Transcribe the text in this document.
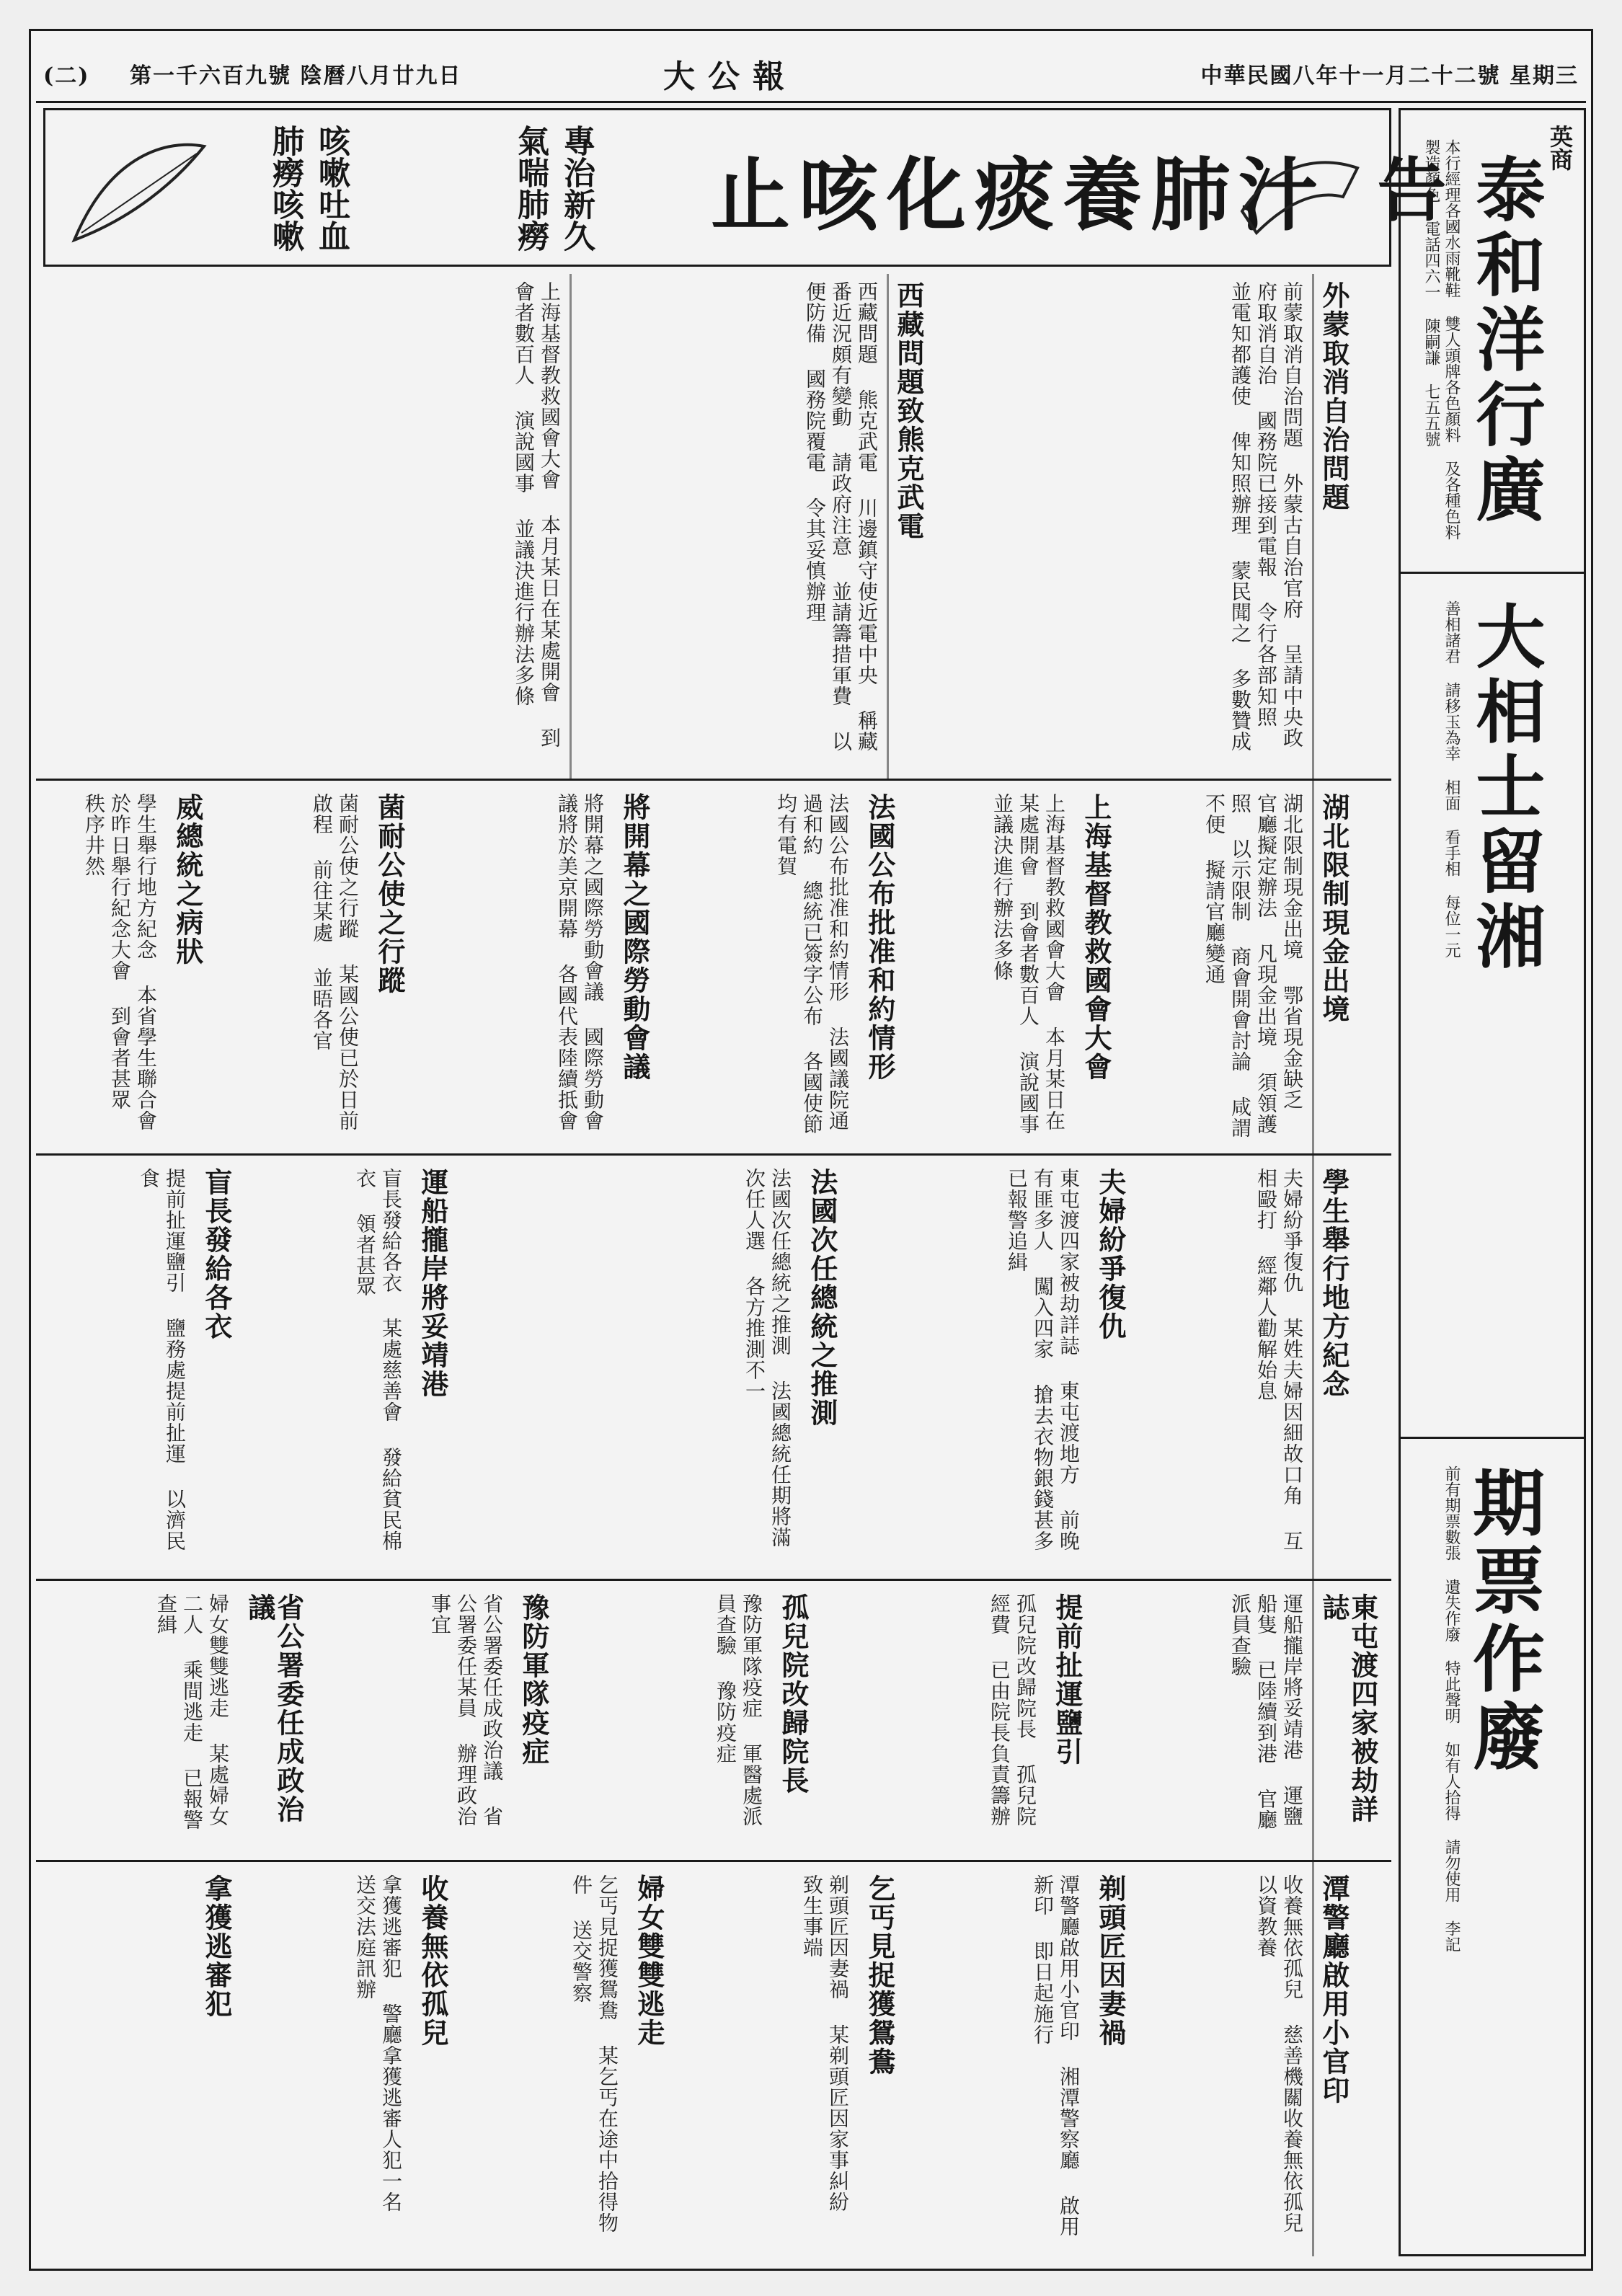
中華民國八年十一月二十二號 星期三
大公報
第一千六百九號 陰曆八月廿九日
(二)
英商
泰和洋行廣告
本行經理各國水雨靴鞋 雙人頭牌各色顏料 及各種色料 製造顏色 電話四六一 陳嗣謙 七五五號
大相士留湘
善相諸君 請移玉為幸 相面 看手相 每位一元
期票作廢
前有期票數張 遺失作廢 特此聲明 如有人拾得 請勿使用 李記
止咳化痰養肺汁
專治新久氣喘肺癆
咳嗽吐血 肺癆咳嗽
外蒙取消自治問題
前蒙取消自治問題 外蒙古自治官府 呈請中央政府取消自治 國務院已接到電報 令行各部知照 並電知都護使 俾知照辦理 蒙民聞之 多數贊成
西藏問題致熊克武電
西藏問題 熊克武電 川邊鎮守使近電中央 稱藏番近況頗有變動 請政府注意 並請籌措軍費 以便防備 國務院覆電 令其妥慎辦理
上海基督教救國會大會 本月某日在某處開會 到會者數百人 演說國事 並議決進行辦法多條
湖北限制現金出境
湖北限制現金出境 鄂省現金缺乏 官廳擬定辦法 凡現金出境 須領護照 以示限制 商會開會討論 咸謂不便 擬請官廳變通
上海基督教救國會大會
上海基督教救國會大會 本月某日在某處開會 到會者數百人 演說國事 並議決進行辦法多條
法國公布批准和約情形
法國公布批准和約情形 法國議院通過和約 總統已簽字公布 各國使節均有電賀
將開幕之國際勞動會議
將開幕之國際勞動會議 國際勞動會議將於美京開幕 各國代表陸續抵會
菌耐公使之行蹤
菌耐公使之行蹤 某國公使已於日前啟程 前往某處 並晤各官
威總統之病狀
學生舉行地方紀念 本省學生聯合會 於昨日舉行紀念大會 到會者甚眾 秩序井然
學生舉行地方紀念
夫婦紛爭復仇 某姓夫婦因細故口角 互相毆打 經鄰人勸解始息
夫婦紛爭復仇
東屯渡四家被劫詳誌 東屯渡地方 前晚有匪多人 闖入四家 搶去衣物銀錢甚多 已報警追緝
法國次任總統之推測
法國次任總統之推測 法國總統任期將滿 次任人選 各方推測不一
運船攏岸將妥靖港
盲長發給各衣 某處慈善會 發給貧民棉衣 領者甚眾
盲長發給各衣
提前扯運鹽引 鹽務處提前扯運 以濟民食
東屯渡四家被劫詳誌
運船攏岸將妥靖港 運鹽船隻 已陸續到港 官廳派員查驗
提前扯運鹽引
孤兒院改歸院長 孤兒院經費 已由院長負責籌辦
孤兒院改歸院長
豫防軍隊疫症 軍醫處派員查驗 豫防疫症
豫防軍隊疫症
省公署委任成政治議 省公署委任某員 辦理政治事宜
省公署委任成政治議
婦女雙雙逃走 某處婦女二人 乘間逃走 已報警查緝
潭警廳啟用小官印
收養無依孤兒 慈善機關收養無依孤兒 以資教養
剃頭匠因妻禍
潭警廳啟用小官印 湘潭警察廳 啟用新印 即日起施行
乞丐見捉獲鴛鴦
剃頭匠因妻禍 某剃頭匠因家事糾紛 致生事端
婦女雙雙逃走
乞丐見捉獲鴛鴦 某乞丐在途中拾得物件 送交警察
收養無依孤兒
拿獲逃審犯 警廳拿獲逃審人犯一名 送交法庭訊辦
拿獲逃審犯
